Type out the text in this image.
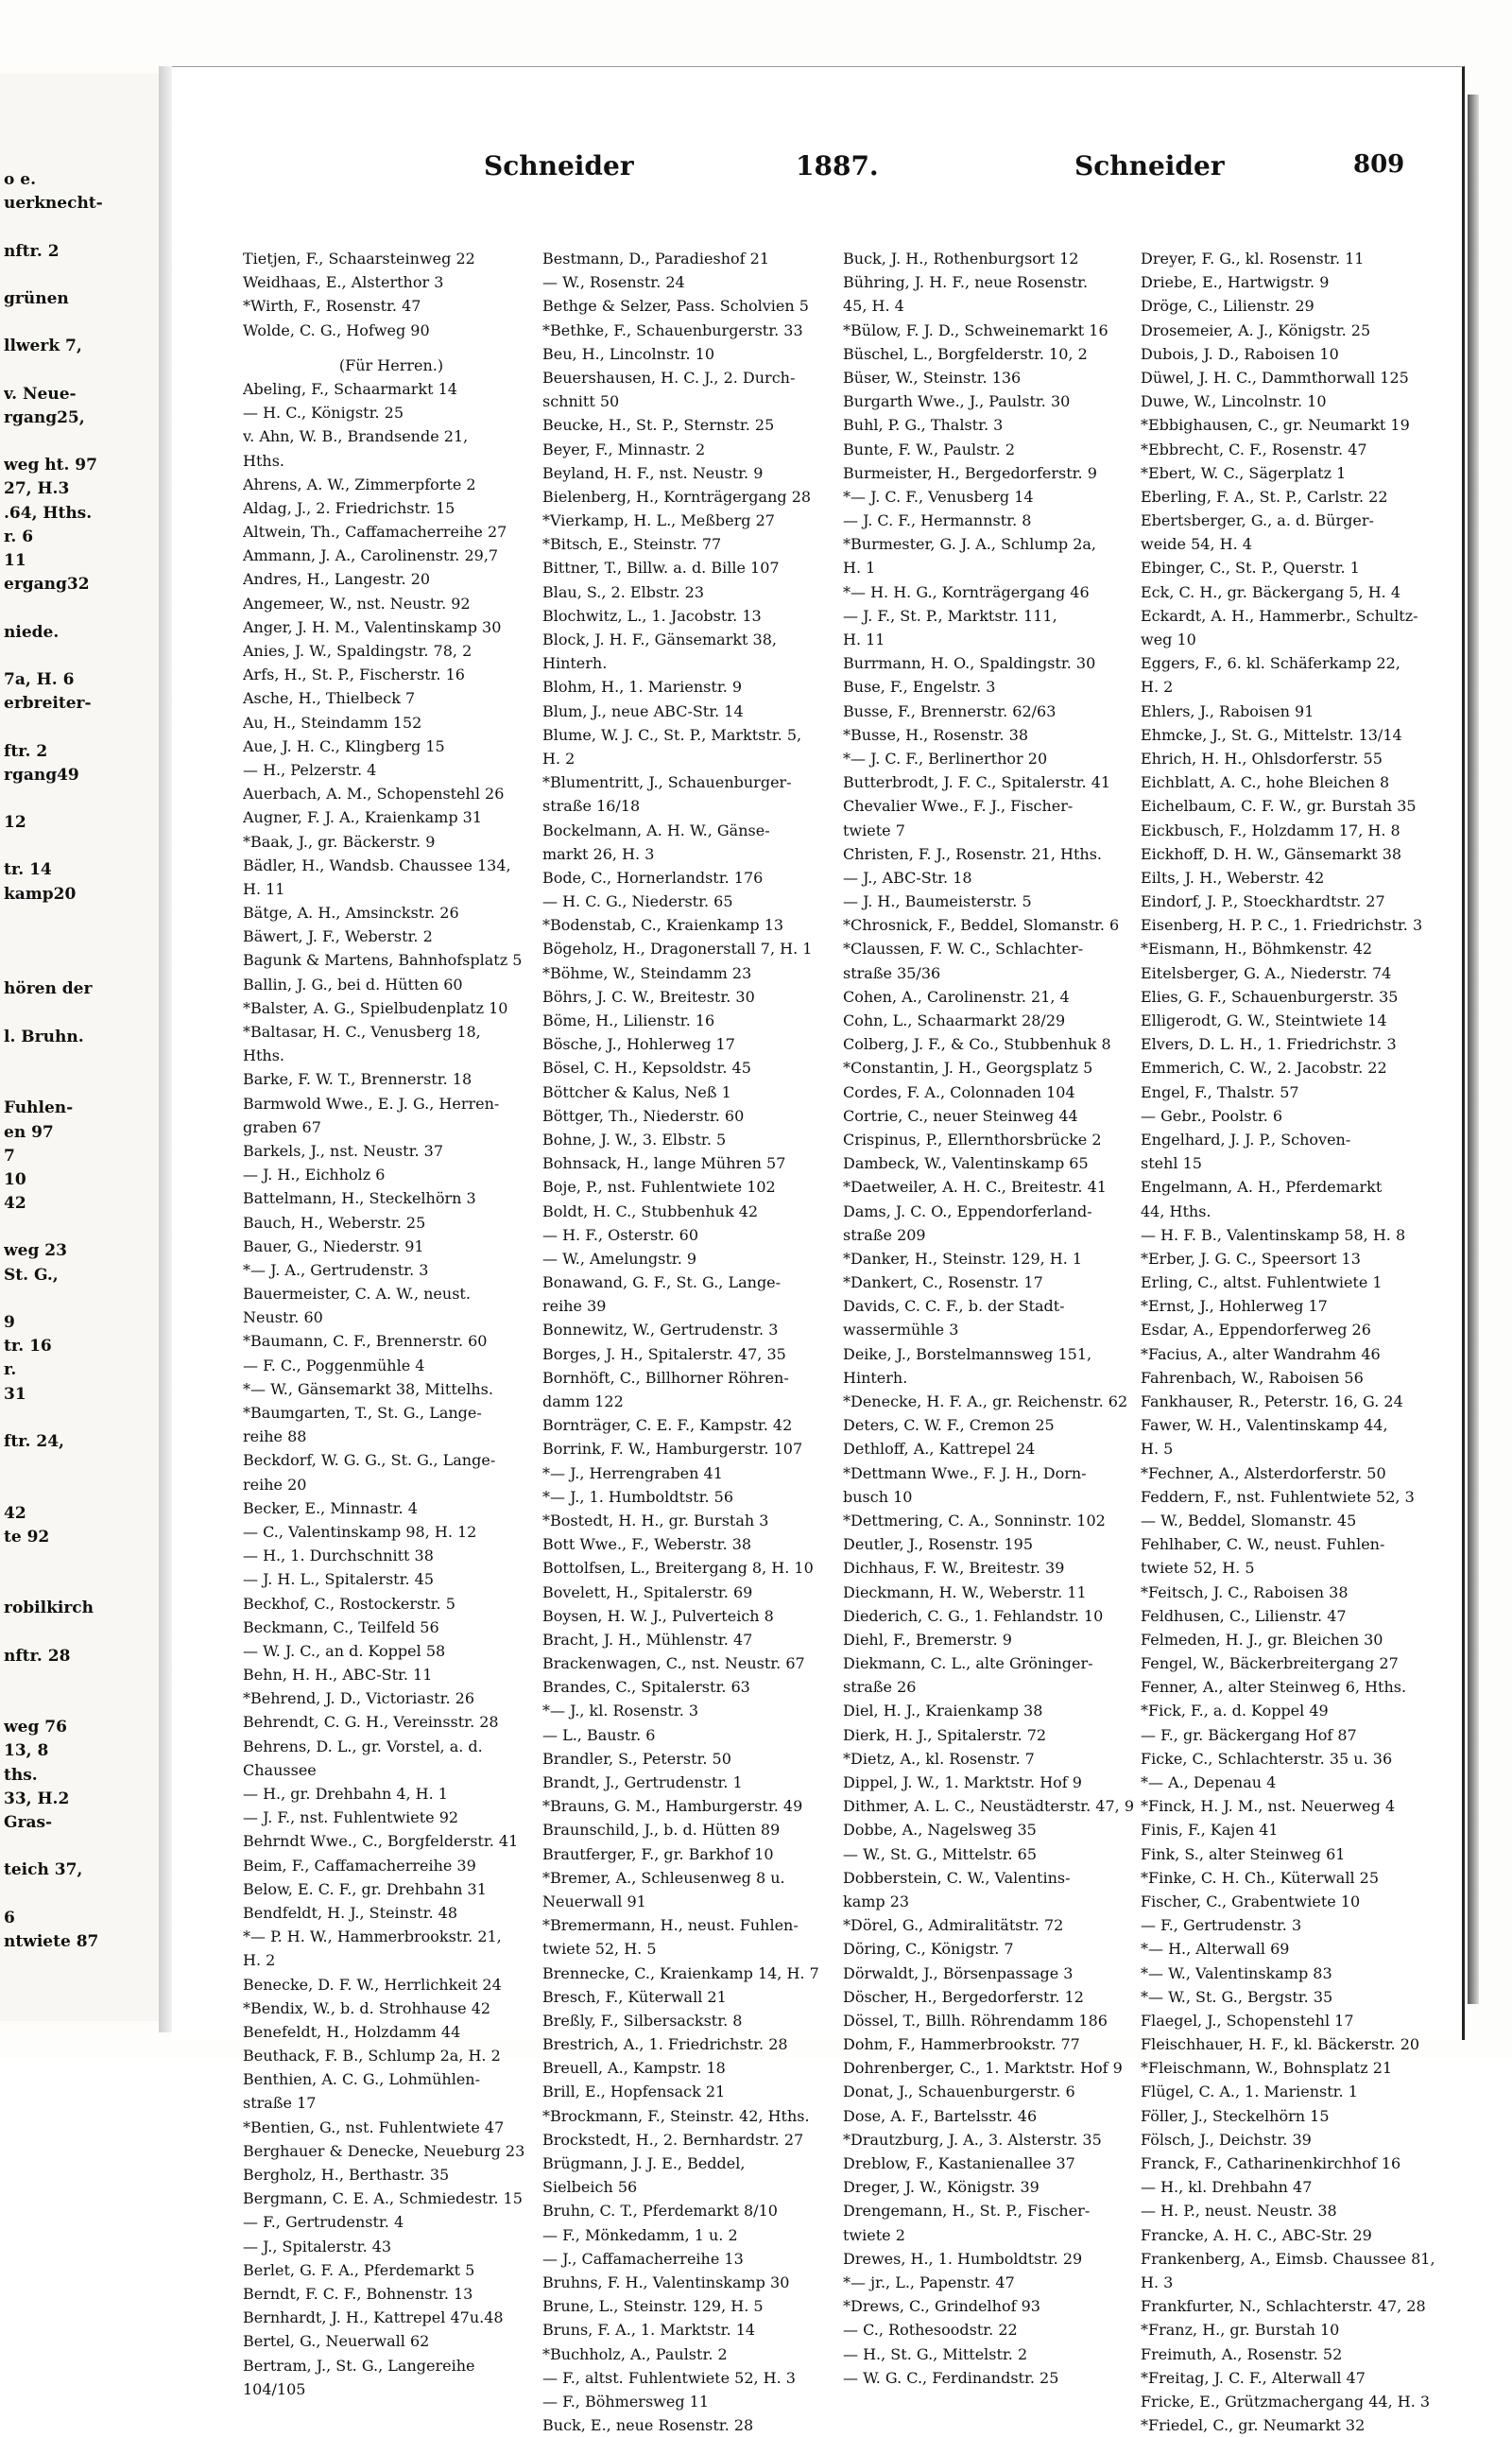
o e.
uerknecht-
nftr. 2
grünen
llwerk 7,
v. Neue-
rgang25,
weg ht. 97
27, H.3
.64, Hths.
r. 6
11
ergang32
niede.
7a, H. 6
erbreiter-
ftr. 2
rgang49
12
tr. 14
kamp20
hören der
l. Bruhn.
Fuhlen-
en 97
7
10
42
weg 23
St. G.,
9
tr. 16
r.
31
ftr. 24,
42
te 92
robilkirch
nftr. 28
weg 76
13, 8
ths.
33, H.2
Gras-
teich 37,
6
ntwiete 87
Schneider	1887.	Schneider	809
Tietjen, F., Schaarsteinweg 22
Weidhaas, E., Alsterthor 3
*Wirth, F., Rosenstr. 47
Wolde, C. G., Hofweg 90
(Für Herren.)
Abeling, F., Schaarmarkt 14
— H. C., Königstr. 25
v. Ahn, W. B., Brandsende 21,
Hths.
Ahrens, A. W., Zimmerpforte 2
Aldag, J., 2. Friedrichstr. 15
Altwein, Th., Caffamacherreihe 27
Ammann, J. A., Carolinenstr. 29,7
Andres, H., Langestr. 20
Angemeer, W., nst. Neustr. 92
Anger, J. H. M., Valentinskamp 30
Anies, J. W., Spaldingstr. 78, 2
Arfs, H., St. P., Fischerstr. 16
Asche, H., Thielbeck 7
Au, H., Steindamm 152
Aue, J. H. C., Klingberg 15
— H., Pelzerstr. 4
Auerbach, A. M., Schopenstehl 26
Augner, F. J. A., Kraienkamp 31
*Baak, J., gr. Bäckerstr. 9
Bädler, H., Wandsb. Chaussee 134,
H. 11
Bätge, A. H., Amsinckstr. 26
Bäwert, J. F., Weberstr. 2
Bagunk & Martens, Bahnhofsplatz 5
Ballin, J. G., bei d. Hütten 60
*Balster, A. G., Spielbudenplatz 10
*Baltasar, H. C., Venusberg 18,
Hths.
Barke, F. W. T., Brennerstr. 18
Barmwold Wwe., E. J. G., Herren-
graben 67
Barkels, J., nst. Neustr. 37
— J. H., Eichholz 6
Battelmann, H., Steckelhörn 3
Bauch, H., Weberstr. 25
Bauer, G., Niederstr. 91
*— J. A., Gertrudenstr. 3
Bauermeister, C. A. W., neust.
Neustr. 60
*Baumann, C. F., Brennerstr. 60
— F. C., Poggenmühle 4
*— W., Gänsemarkt 38, Mittelhs.
*Baumgarten, T., St. G., Lange-
reihe 88
Beckdorf, W. G. G., St. G., Lange-
reihe 20
Becker, E., Minnastr. 4
— C., Valentinskamp 98, H. 12
— H., 1. Durchschnitt 38
— J. H. L., Spitalerstr. 45
Beckhof, C., Rostockerstr. 5
Beckmann, C., Teilfeld 56
— W. J. C., an d. Koppel 58
Behn, H. H., ABC-Str. 11
*Behrend, J. D., Victoriastr. 26
Behrendt, C. G. H., Vereinsstr. 28
Behrens, D. L., gr. Vorstel, a. d.
Chaussee
— H., gr. Drehbahn 4, H. 1
— J. F., nst. Fuhlentwiete 92
Behrndt Wwe., C., Borgfelderstr. 41
Beim, F., Caffamacherreihe 39
Below, E. C. F., gr. Drehbahn 31
Bendfeldt, H. J., Steinstr. 48
*— P. H. W., Hammerbrookstr. 21,
H. 2
Benecke, D. F. W., Herrlichkeit 24
*Bendix, W., b. d. Strohhause 42
Benefeldt, H., Holzdamm 44
Beuthack, F. B., Schlump 2a, H. 2
Benthien, A. C. G., Lohmühlen-
straße 17
*Bentien, G., nst. Fuhlentwiete 47
Berghauer & Denecke, Neueburg 23
Bergholz, H., Berthastr. 35
Bergmann, C. E. A., Schmiedestr. 15
— F., Gertrudenstr. 4
— J., Spitalerstr. 43
Berlet, G. F. A., Pferdemarkt 5
Berndt, F. C. F., Bohnenstr. 13
Bernhardt, J. H., Kattrepel 47u.48
Bertel, G., Neuerwall 62
Bertram, J., St. G., Langereihe
104/105
Bestmann, D., Paradieshof 21
— W., Rosenstr. 24
Bethge & Selzer, Pass. Scholvien 5
*Bethke, F., Schauenburgerstr. 33
Beu, H., Lincolnstr. 10
Beuershausen, H. C. J., 2. Durch-
schnitt 50
Beucke, H., St. P., Sternstr. 25
Beyer, F., Minnastr. 2
Beyland, H. F., nst. Neustr. 9
Bielenberg, H., Kornträgergang 28
*Vierkamp, H. L., Meßberg 27
*Bitsch, E., Steinstr. 77
Bittner, T., Billw. a. d. Bille 107
Blau, S., 2. Elbstr. 23
Blochwitz, L., 1. Jacobstr. 13
Block, J. H. F., Gänsemarkt 38,
Hinterh.
Blohm, H., 1. Marienstr. 9
Blum, J., neue ABC-Str. 14
Blume, W. J. C., St. P., Marktstr. 5,
H. 2
*Blumentritt, J., Schauenburger-
straße 16/18
Bockelmann, A. H. W., Gänse-
markt 26, H. 3
Bode, C., Hornerlandstr. 176
— H. C. G., Niederstr. 65
*Bodenstab, C., Kraienkamp 13
Bögeholz, H., Dragonerstall 7, H. 1
*Böhme, W., Steindamm 23
Böhrs, J. C. W., Breitestr. 30
Böme, H., Lilienstr. 16
Bösche, J., Hohlerweg 17
Bösel, C. H., Kepsoldstr. 45
Böttcher & Kalus, Neß 1
Böttger, Th., Niederstr. 60
Bohne, J. W., 3. Elbstr. 5
Bohnsack, H., lange Mühren 57
Boje, P., nst. Fuhlentwiete 102
Boldt, H. C., Stubbenhuk 42
— H. F., Osterstr. 60
— W., Amelungstr. 9
Bonawand, G. F., St. G., Lange-
reihe 39
Bonnewitz, W., Gertrudenstr. 3
Borges, J. H., Spitalerstr. 47, 35
Bornhöft, C., Billhorner Röhren-
damm 122
Bornträger, C. E. F., Kampstr. 42
Borrink, F. W., Hamburgerstr. 107
*— J., Herrengraben 41
*— J., 1. Humboldtstr. 56
*Bostedt, H. H., gr. Burstah 3
Bott Wwe., F., Weberstr. 38
Bottolfsen, L., Breitergang 8, H. 10
Bovelett, H., Spitalerstr. 69
Boysen, H. W. J., Pulverteich 8
Bracht, J. H., Mühlenstr. 47
Brackenwagen, C., nst. Neustr. 67
Brandes, C., Spitalerstr. 63
*— J., kl. Rosenstr. 3
— L., Baustr. 6
Brandler, S., Peterstr. 50
Brandt, J., Gertrudenstr. 1
*Brauns, G. M., Hamburgerstr. 49
Braunschild, J., b. d. Hütten 89
Brautferger, F., gr. Barkhof 10
*Bremer, A., Schleusenweg 8 u.
Neuerwall 91
*Bremermann, H., neust. Fuhlen-
twiete 52, H. 5
Brennecke, C., Kraienkamp 14, H. 7
Bresch, F., Küterwall 21
Breßly, F., Silbersackstr. 8
Brestrich, A., 1. Friedrichstr. 28
Breuell, A., Kampstr. 18
Brill, E., Hopfensack 21
*Brockmann, F., Steinstr. 42, Hths.
Brockstedt, H., 2. Bernhardstr. 27
Brügmann, J. J. E., Beddel,
Sielbeich 56
Bruhn, C. T., Pferdemarkt 8/10
— F., Mönkedamm, 1 u. 2
— J., Caffamacherreihe 13
Bruhns, F. H., Valentinskamp 30
Brune, L., Steinstr. 129, H. 5
Bruns, F. A., 1. Marktstr. 14
*Buchholz, A., Paulstr. 2
— F., altst. Fuhlentwiete 52, H. 3
— F., Böhmersweg 11
Buck, E., neue Rosenstr. 28
Buck, J. H., Rothenburgsort 12
Bühring, J. H. F., neue Rosenstr.
45, H. 4
*Bülow, F. J. D., Schweinemarkt 16
Büschel, L., Borgfelderstr. 10, 2
Büser, W., Steinstr. 136
Burgarth Wwe., J., Paulstr. 30
Buhl, P. G., Thalstr. 3
Bunte, F. W., Paulstr. 2
Burmeister, H., Bergedorferstr. 9
*— J. C. F., Venusberg 14
— J. C. F., Hermannstr. 8
*Burmester, G. J. A., Schlump 2a,
H. 1
*— H. H. G., Kornträgergang 46
— J. F., St. P., Marktstr. 111,
H. 11
Burrmann, H. O., Spaldingstr. 30
Buse, F., Engelstr. 3
Busse, F., Brennerstr. 62/63
*Busse, H., Rosenstr. 38
*— J. C. F., Berlinerthor 20
Butterbrodt, J. F. C., Spitalerstr. 41
Chevalier Wwe., F. J., Fischer-
twiete 7
Christen, F. J., Rosenstr. 21, Hths.
— J., ABC-Str. 18
— J. H., Baumeisterstr. 5
*Chrosnick, F., Beddel, Slomanstr. 6
*Claussen, F. W. C., Schlachter-
straße 35/36
Cohen, A., Carolinenstr. 21, 4
Cohn, L., Schaarmarkt 28/29
Colberg, J. F., & Co., Stubbenhuk 8
*Constantin, J. H., Georgsplatz 5
Cordes, F. A., Colonnaden 104
Cortrie, C., neuer Steinweg 44
Crispinus, P., Ellernthorsbrücke 2
Dambeck, W., Valentinskamp 65
*Daetweiler, A. H. C., Breitestr. 41
Dams, J. C. O., Eppendorferland-
straße 209
*Danker, H., Steinstr. 129, H. 1
*Dankert, C., Rosenstr. 17
Davids, C. C. F., b. der Stadt-
wassermühle 3
Deike, J., Borstelmannsweg 151,
Hinterh.
*Denecke, H. F. A., gr. Reichenstr. 62
Deters, C. W. F., Cremon 25
Dethloff, A., Kattrepel 24
*Dettmann Wwe., F. J. H., Dorn-
busch 10
*Dettmering, C. A., Sonninstr. 102
Deutler, J., Rosenstr. 195
Dichhaus, F. W., Breitestr. 39
Dieckmann, H. W., Weberstr. 11
Diederich, C. G., 1. Fehlandstr. 10
Diehl, F., Bremerstr. 9
Diekmann, C. L., alte Gröninger-
straße 26
Diel, H. J., Kraienkamp 38
Dierk, H. J., Spitalerstr. 72
*Dietz, A., kl. Rosenstr. 7
Dippel, J. W., 1. Marktstr. Hof 9
Dithmer, A. L. C., Neustädterstr. 47, 9
Dobbe, A., Nagelsweg 35
— W., St. G., Mittelstr. 65
Dobberstein, C. W., Valentins-
kamp 23
*Dörel, G., Admiralitätstr. 72
Döring, C., Königstr. 7
Dörwaldt, J., Börsenpassage 3
Döscher, H., Bergedorferstr. 12
Dössel, T., Billh. Röhrendamm 186
Dohm, F., Hammerbrookstr. 77
Dohrenberger, C., 1. Marktstr. Hof 9
Donat, J., Schauenburgerstr. 6
Dose, A. F., Bartelsstr. 46
*Drautzburg, J. A., 3. Alsterstr. 35
Dreblow, F., Kastanienallee 37
Dreger, J. W., Königstr. 39
Drengemann, H., St. P., Fischer-
twiete 2
Drewes, H., 1. Humboldtstr. 29
*— jr., L., Papenstr. 47
*Drews, C., Grindelhof 93
— C., Rothesoodstr. 22
— H., St. G., Mittelstr. 2
— W. G. C., Ferdinandstr. 25
Dreyer, F. G., kl. Rosenstr. 11
Driebe, E., Hartwigstr. 9
Dröge, C., Lilienstr. 29
Drosemeier, A. J., Königstr. 25
Dubois, J. D., Raboisen 10
Düwel, J. H. C., Dammthorwall 125
Duwe, W., Lincolnstr. 10
*Ebbighausen, C., gr. Neumarkt 19
*Ebbrecht, C. F., Rosenstr. 47
*Ebert, W. C., Sägerplatz 1
Eberling, F. A., St. P., Carlstr. 22
Ebertsberger, G., a. d. Bürger-
weide 54, H. 4
Ebinger, C., St. P., Querstr. 1
Eck, C. H., gr. Bäckergang 5, H. 4
Eckardt, A. H., Hammerbr., Schultz-
weg 10
Eggers, F., 6. kl. Schäferkamp 22,
H. 2
Ehlers, J., Raboisen 91
Ehmcke, J., St. G., Mittelstr. 13/14
Ehrich, H. H., Ohlsdorferstr. 55
Eichblatt, A. C., hohe Bleichen 8
Eichelbaum, C. F. W., gr. Burstah 35
Eickbusch, F., Holzdamm 17, H. 8
Eickhoff, D. H. W., Gänsemarkt 38
Eilts, J. H., Weberstr. 42
Eindorf, J. P., Stoeckhardtstr. 27
Eisenberg, H. P. C., 1. Friedrichstr. 3
*Eismann, H., Böhmkenstr. 42
Eitelsberger, G. A., Niederstr. 74
Elies, G. F., Schauenburgerstr. 35
Elligerodt, G. W., Steintwiete 14
Elvers, D. L. H., 1. Friedrichstr. 3
Emmerich, C. W., 2. Jacobstr. 22
Engel, F., Thalstr. 57
— Gebr., Poolstr. 6
Engelhard, J. J. P., Schoven-
stehl 15
Engelmann, A. H., Pferdemarkt
44, Hths.
— H. F. B., Valentinskamp 58, H. 8
*Erber, J. G. C., Speersort 13
Erling, C., altst. Fuhlentwiete 1
*Ernst, J., Hohlerweg 17
Esdar, A., Eppendorferweg 26
*Facius, A., alter Wandrahm 46
Fahrenbach, W., Raboisen 56
Fankhauser, R., Peterstr. 16, G. 24
Fawer, W. H., Valentinskamp 44,
H. 5
*Fechner, A., Alsterdorferstr. 50
Feddern, F., nst. Fuhlentwiete 52, 3
— W., Beddel, Slomanstr. 45
Fehlhaber, C. W., neust. Fuhlen-
twiete 52, H. 5
*Feitsch, J. C., Raboisen 38
Feldhusen, C., Lilienstr. 47
Felmeden, H. J., gr. Bleichen 30
Fengel, W., Bäckerbreitergang 27
Fenner, A., alter Steinweg 6, Hths.
*Fick, F., a. d. Koppel 49
— F., gr. Bäckergang Hof 87
Ficke, C., Schlachterstr. 35 u. 36
*— A., Depenau 4
*Finck, H. J. M., nst. Neuerweg 4
Finis, F., Kajen 41
Fink, S., alter Steinweg 61
*Finke, C. H. Ch., Küterwall 25
Fischer, C., Grabentwiete 10
— F., Gertrudenstr. 3
*— H., Alterwall 69
*— W., Valentinskamp 83
*— W., St. G., Bergstr. 35
Flaegel, J., Schopenstehl 17
Fleischhauer, H. F., kl. Bäckerstr. 20
*Fleischmann, W., Bohnsplatz 21
Flügel, C. A., 1. Marienstr. 1
Föller, J., Steckelhörn 15
Fölsch, J., Deichstr. 39
Franck, F., Catharinenkirchhof 16
— H., kl. Drehbahn 47
— H. P., neust. Neustr. 38
Francke, A. H. C., ABC-Str. 29
Frankenberg, A., Eimsb. Chaussee 81,
H. 3
Frankfurter, N., Schlachterstr. 47, 28
*Franz, H., gr. Burstah 10
Freimuth, A., Rosenstr. 52
*Freitag, J. C. F., Alterwall 47
Fricke, E., Grützmachergang 44, H. 3
*Friedel, C., gr. Neumarkt 32
